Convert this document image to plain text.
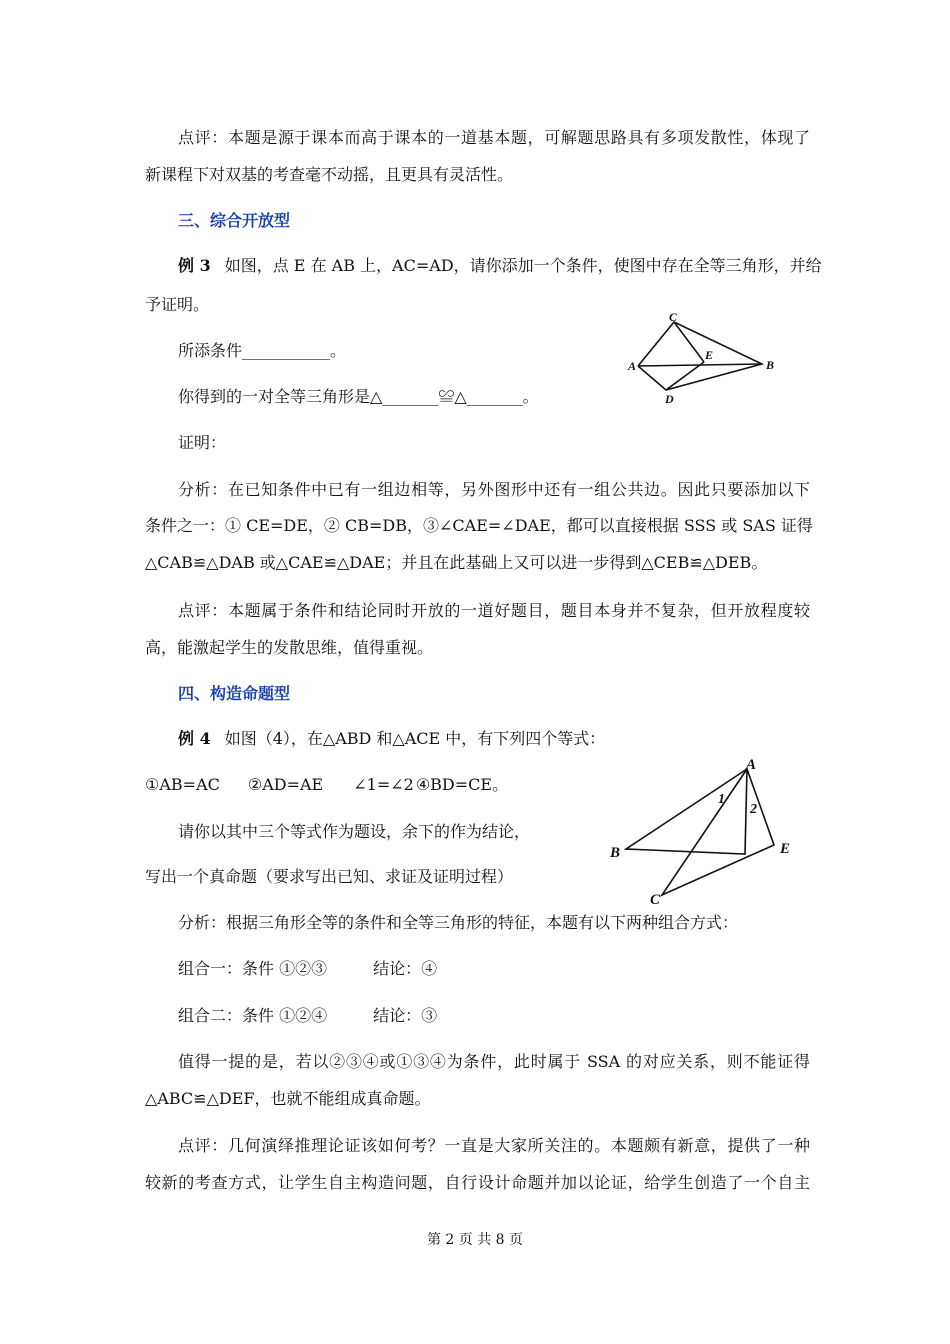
点评：本题是源于课本而高于课本的一道基本题，可解题思路具有多项发散性，体现了
新课程下对双基的考查毫不动摇，且更具有灵活性。
三、综合开放型
例 3 如图，点 E 在 AB 上，AC=AD，请你添加一个条件，使图中存在全等三角形，并给
予证明。
所添条件___________。
你得到的一对全等三角形是△_______≌△_______。
证明：
C
A
E
B
D
分析：在已知条件中已有一组边相等，另外图形中还有一组公共边。因此只要添加以下
条件之一：① CE=DE，② CB=DB，③∠CAE=∠DAE，都可以直接根据 SSS 或 SAS 证得
△CAB≌△DAB 或△CAE≌△DAE；并且在此基础上又可以进一步得到△CEB≌△DEB。
点评：本题属于条件和结论同时开放的一道好题目，题目本身并不复杂，但开放程度较
高，能激起学生的发散思维，值得重视。
四、构造命题型
例 4 如图（4），在△ABD 和△ACE 中，有下列四个等式：
①AB=AC ②AD=AE ∠1=∠2 ④BD=CE。
请你以其中三个等式作为题设，余下的作为结论，
写出一个真命题（要求写出已知、求证及证明过程）
A
B	E
C
1
2
分析：根据三角形全等的条件和全等三角形的特征，本题有以下两种组合方式：
组合一：条件 ①②③	结论：④
组合二：条件 ①②④	结论：③
值得一提的是，若以②③④或①③④为条件，此时属于 SSA 的对应关系，则不能证得
△ABC≌△DEF，也就不能组成真命题。
点评：几何演绎推理论证该如何考？一直是大家所关注的。本题颇有新意，提供了一种
较新的考查方式，让学生自主构造问题，自行设计命题并加以论证，给学生创造了一个自主
第 2 页 共 8 页
